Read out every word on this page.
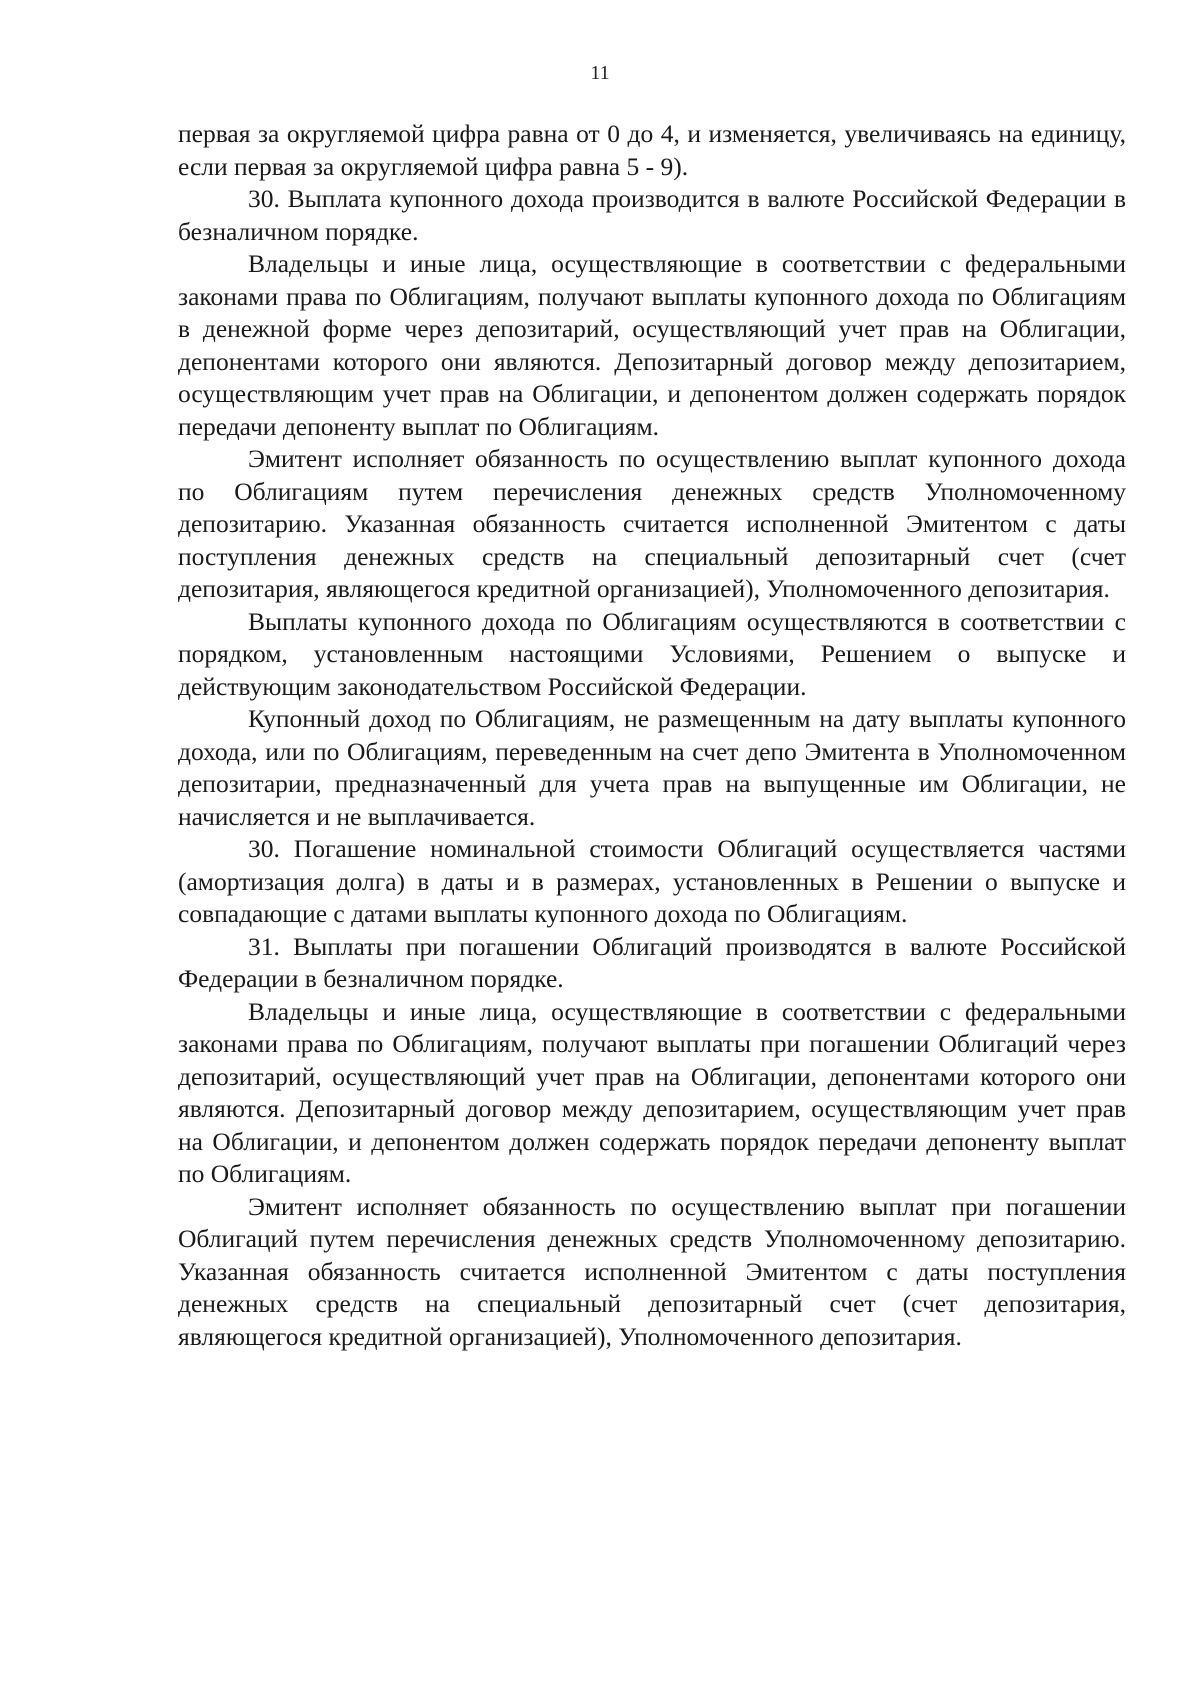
11

первая за округляемой цифра равна от 0 до 4, и изменяется, увеличиваясь на единицу, если первая за округляемой цифра равна 5 - 9).

30. Выплата купонного дохода производится в валюте Российской Федерации в безналичном порядке.

Владельцы и иные лица, осуществляющие в соответствии с федеральными законами права по Облигациям, получают выплаты купонного дохода по Облигациям в денежной форме через депозитарий, осуществляющий учет прав на Облигации, депонентами которого они являются. Депозитарный договор между депозитарием, осуществляющим учет прав на Облигации, и депонентом должен содержать порядок передачи депоненту выплат по Облигациям.

Эмитент исполняет обязанность по осуществлению выплат купонного дохода по Облигациям путем перечисления денежных средств Уполномоченному депозитарию. Указанная обязанность считается исполненной Эмитентом с даты поступления денежных средств на специальный депозитарный счет (счет депозитария, являющегося кредитной организацией), Уполномоченного депозитария.

Выплаты купонного дохода по Облигациям осуществляются в соответствии с порядком, установленным настоящими Условиями, Решением о выпуске и действующим законодательством Российской Федерации.

Купонный доход по Облигациям, не размещенным на дату выплаты купонного дохода, или по Облигациям, переведенным на счет депо Эмитента в Уполномоченном депозитарии, предназначенный для учета прав на выпущенные им Облигации, не начисляется и не выплачивается.

30. Погашение номинальной стоимости Облигаций осуществляется частями (амортизация долга) в даты и в размерах, установленных в Решении о выпуске и совпадающие с датами выплаты купонного дохода по Облигациям.

31. Выплаты при погашении Облигаций производятся в валюте Российской Федерации в безналичном порядке.

Владельцы и иные лица, осуществляющие в соответствии с федеральными законами права по Облигациям, получают выплаты при погашении Облигаций через депозитарий, осуществляющий учет прав на Облигации, депонентами которого они являются. Депозитарный договор между депозитарием, осуществляющим учет прав на Облигации, и депонентом должен содержать порядок передачи депоненту выплат по Облигациям.

Эмитент исполняет обязанность по осуществлению выплат при погашении Облигаций путем перечисления денежных средств Уполномоченному депозитарию. Указанная обязанность считается исполненной Эмитентом с даты поступления денежных средств на специальный депозитарный счет (счет депозитария, являющегося кредитной организацией), Уполномоченного депозитария.
